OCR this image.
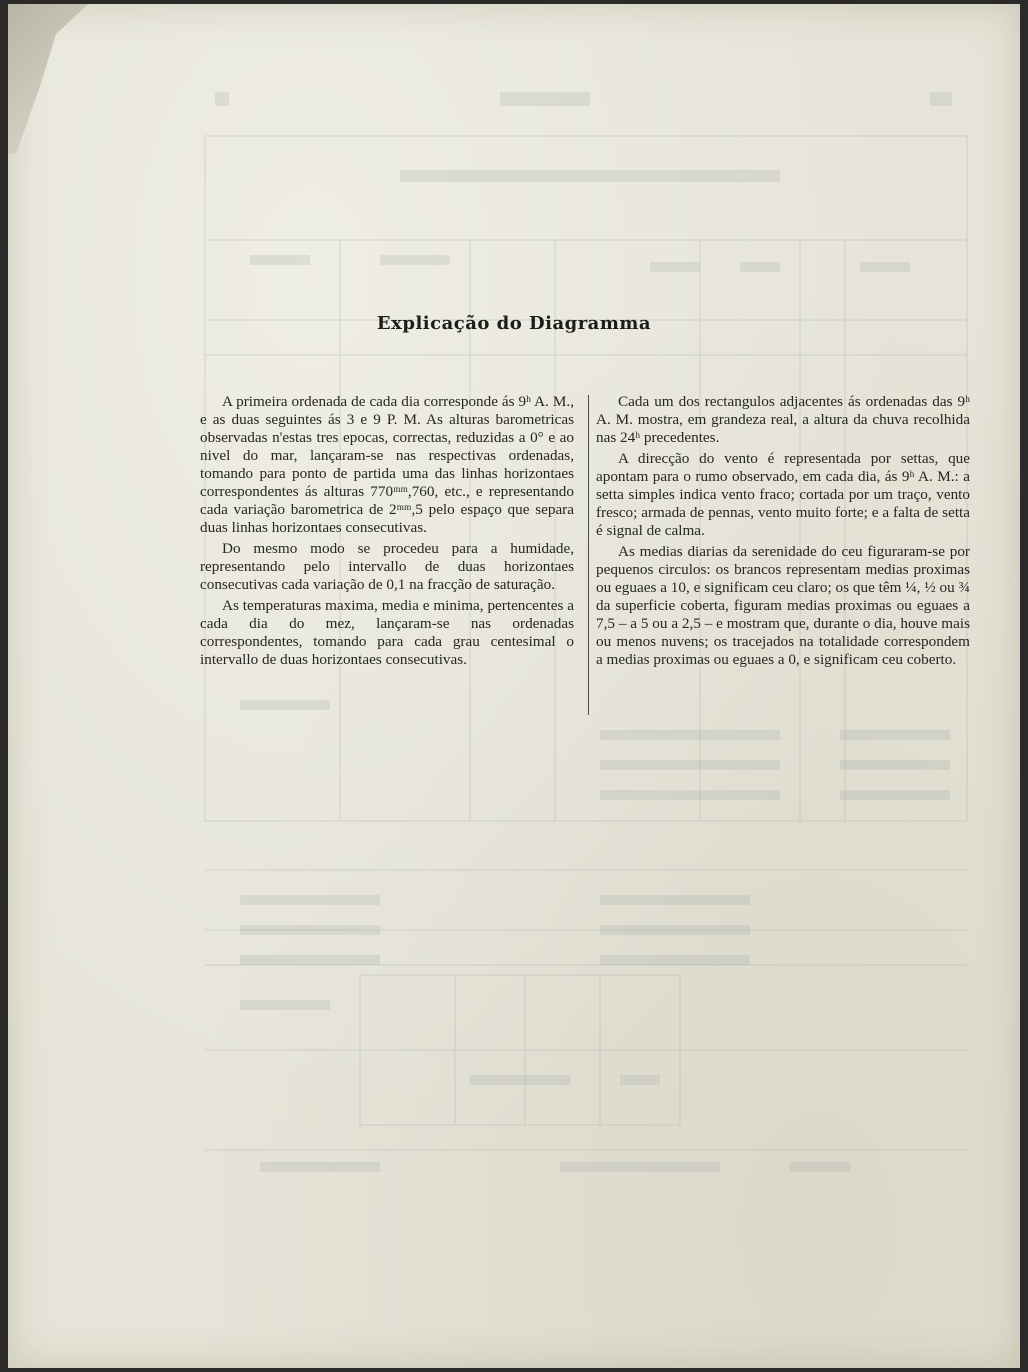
Explicação do Diagramma

A primeira ordenada de cada dia corresponde ás 9ʰ A. M., e as duas seguintes ás 3 e 9 P. M. As alturas barometricas observadas n'estas tres epocas, correctas, reduzidas a 0° e ao nivel do mar, lançaram-se nas respectivas ordenadas, tomando para ponto de partida uma das linhas horizontaes correspondentes ás alturas 770ᵐᵐ,760, etc., e representando cada variação barometrica de 2ᵐᵐ,5 pelo espaço que separa duas linhas horizontaes consecutivas.

Do mesmo modo se procedeu para a humidade, representando pelo intervallo de duas horizontaes consecutivas cada variação de 0,1 na fracção de saturação.

As temperaturas maxima, media e minima, pertencentes a cada dia do mez, lançaram-se nas ordenadas correspondentes, tomando para cada grau centesimal o intervallo de duas horizontaes consecutivas.

Cada um dos rectangulos adjacentes ás ordenadas das 9ʰ A. M. mostra, em grandeza real, a altura da chuva recolhida nas 24ʰ precedentes.

A direcção do vento é representada por settas, que apontam para o rumo observado, em cada dia, ás 9ʰ A. M.: a setta simples indica vento fraco; cortada por um traço, vento fresco; armada de pennas, vento muito forte; e a falta de setta é signal de calma.

As medias diarias da serenidade do ceu figuraram-se por pequenos circulos: os brancos representam medias proximas ou eguaes a 10, e significam ceu claro; os que têm ¼, ½ ou ¾ da superficie coberta, figuram medias proximas ou eguaes a 7,5 – a 5 ou a 2,5 – e mostram que, durante o dia, houve mais ou menos nuvens; os tracejados na totalidade correspondem a medias proximas ou eguaes a 0, e significam ceu coberto.
